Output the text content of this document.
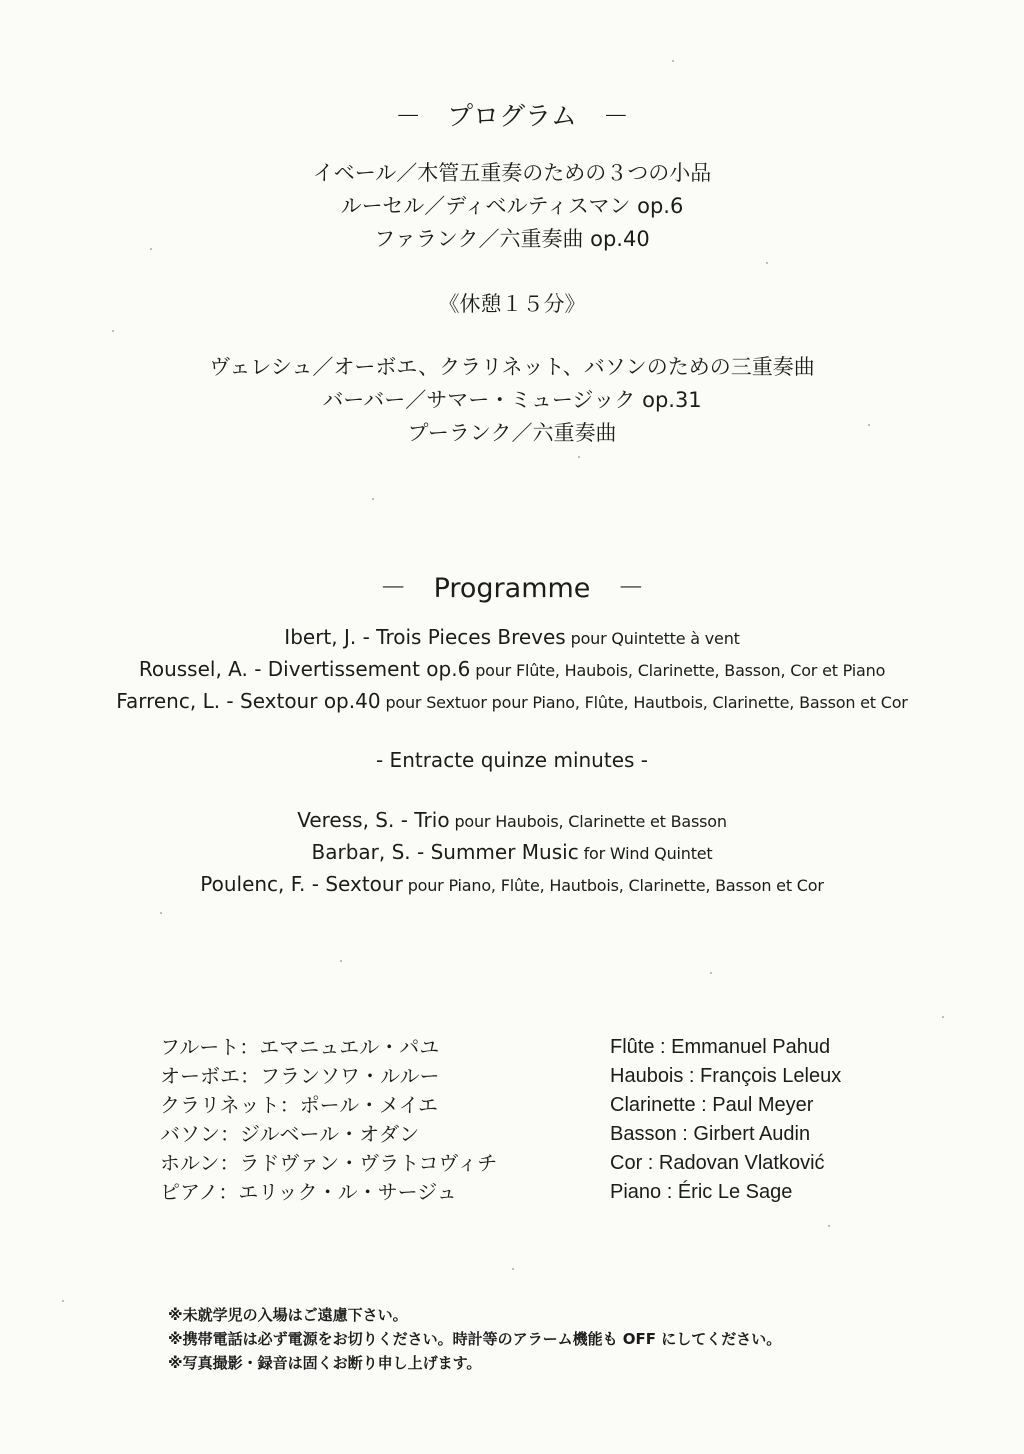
－　プログラム　－
イベール／木管五重奏のための３つの小品
ルーセル／ディベルティスマン op.6
ファランク／六重奏曲 op.40
《休憩１５分》
ヴェレシュ／オーボエ、クラリネット、バソンのための三重奏曲
バーバー／サマー・ミュージック op.31
プーランク／六重奏曲
－　Programme　－
Ibert, J. - Trois Pieces Breves pour Quintette à vent
Roussel, A. - Divertissement op.6 pour Flûte, Haubois, Clarinette, Basson, Cor et Piano
Farrenc, L. - Sextour op.40 pour Sextuor pour Piano, Flûte, Hautbois, Clarinette, Basson et Cor
- Entracte quinze minutes -
Veress, S. - Trio pour Haubois, Clarinette et Basson
Barbar, S. - Summer Music for Wind Quintet
Poulenc, F. - Sextour pour Piano, Flûte, Hautbois, Clarinette, Basson et Cor
フルート：エマニュエル・パユ
オーボエ：フランソワ・ルルー
クラリネット：ポール・メイエ
バソン：ジルベール・オダン
ホルン：ラドヴァン・ヴラトコヴィチ
ピアノ：エリック・ル・サージュ
Flûte : Emmanuel Pahud
Haubois : François Leleux
Clarinette : Paul Meyer
Basson : Girbert Audin
Cor : Radovan Vlatković
Piano : Éric Le Sage
※未就学児の入場はご遠慮下さい。
※携帯電話は必ず電源をお切りください。時計等のアラーム機能も OFF にしてください。
※写真撮影・録音は固くお断り申し上げます。
